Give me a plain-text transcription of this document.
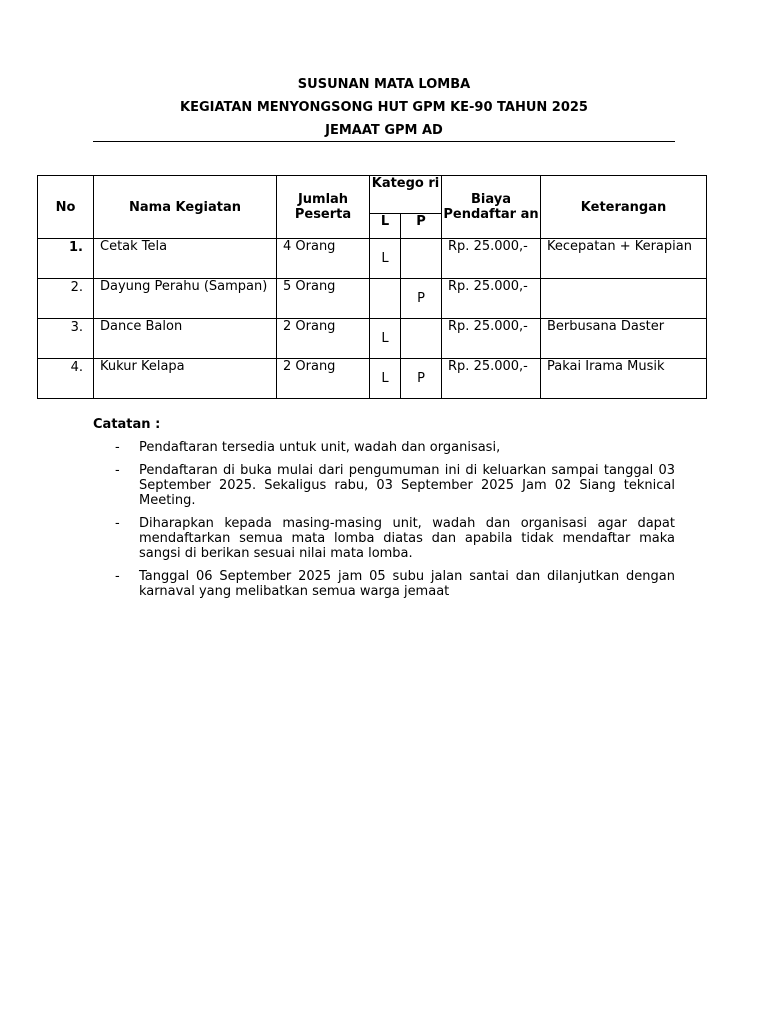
SUSUNAN MATA LOMBA
KEGIATAN MENYONGSONG HUT GPM KE-90 TAHUN 2025
JEMAAT GPM AD
No	Nama Kegiatan	Jumlah Peserta	Katego ri		Biaya Pendaftar an	Keterangan
			L	P		
1.	Cetak Tela	4 Orang	L		Rp. 25.000,-	Kecepatan + Kerapian
2.	Dayung Perahu (Sampan)	5 Orang		P	Rp. 25.000,-	
3.	Dance Balon	2 Orang	L		Rp. 25.000,-	Berbusana Daster
4.	Kukur Kelapa	2 Orang	L	P	Rp. 25.000,-	Pakai Irama Musik
Catatan :
-	Pendaftaran tersedia untuk unit, wadah dan organisasi,
-	Pendaftaran di buka mulai dari pengumuman ini di keluarkan sampai tanggal 03 September 2025. Sekaligus rabu, 03 September 2025 Jam 02 Siang teknical Meeting.
-	Diharapkan kepada masing-masing unit, wadah dan organisasi agar dapat mendaftarkan semua mata lomba diatas dan apabila tidak mendaftar maka sangsi di berikan sesuai nilai mata lomba.
-	Tanggal 06 September 2025 jam 05 subu jalan santai dan dilanjutkan dengan karnaval yang melibatkan semua warga jemaat
